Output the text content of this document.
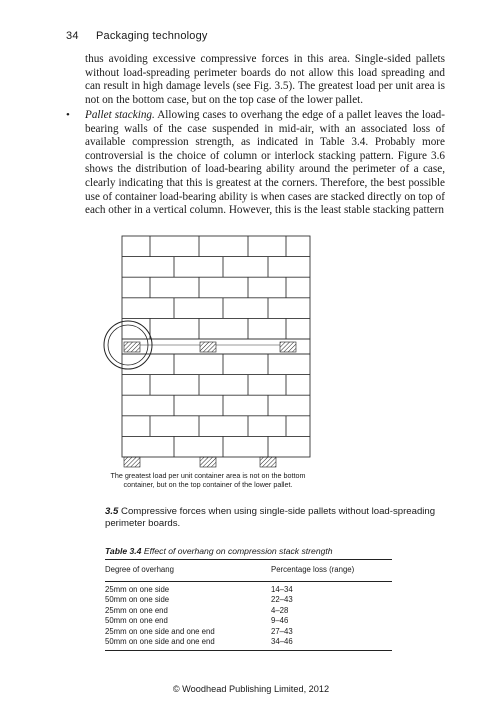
34 Packaging technology
thus avoiding excessive compressive forces in this area. Single-sided pallets without load-spreading perimeter boards do not allow this load spreading and can result in high damage levels (see Fig. 3.5). The greatest load per unit area is not on the bottom case, but on the top case of the lower pallet.
• Pallet stacking. Allowing cases to overhang the edge of a pallet leaves the load-bearing walls of the case suspended in mid-air, with an associated loss of available compression strength, as indicated in Table 3.4. Probably more controversial is the choice of column or interlock stacking pattern. Figure 3.6 shows the distribution of load-bearing ability around the perimeter of a case, clearly indicating that this is greatest at the corners. Therefore, the best possible use of container load-bearing ability is when cases are stacked directly on top of each other in a vertical column. However, this is the least stable stacking pattern
The greatest load per unit container area is not on the bottom container, but on the top container of the lower pallet.
3.5 Compressive forces when using single-side pallets without load-spreading perimeter boards.
Table 3.4 Effect of overhang on compression stack strength
Degree of overhang	Percentage loss (range)
25mm on one side	14–34
50mm on one side	22–43
25mm on one end	4–28
50mm on one end	9–46
25mm on one side and one end	27–43
50mm on one side and one end	34–46
© Woodhead Publishing Limited, 2012
